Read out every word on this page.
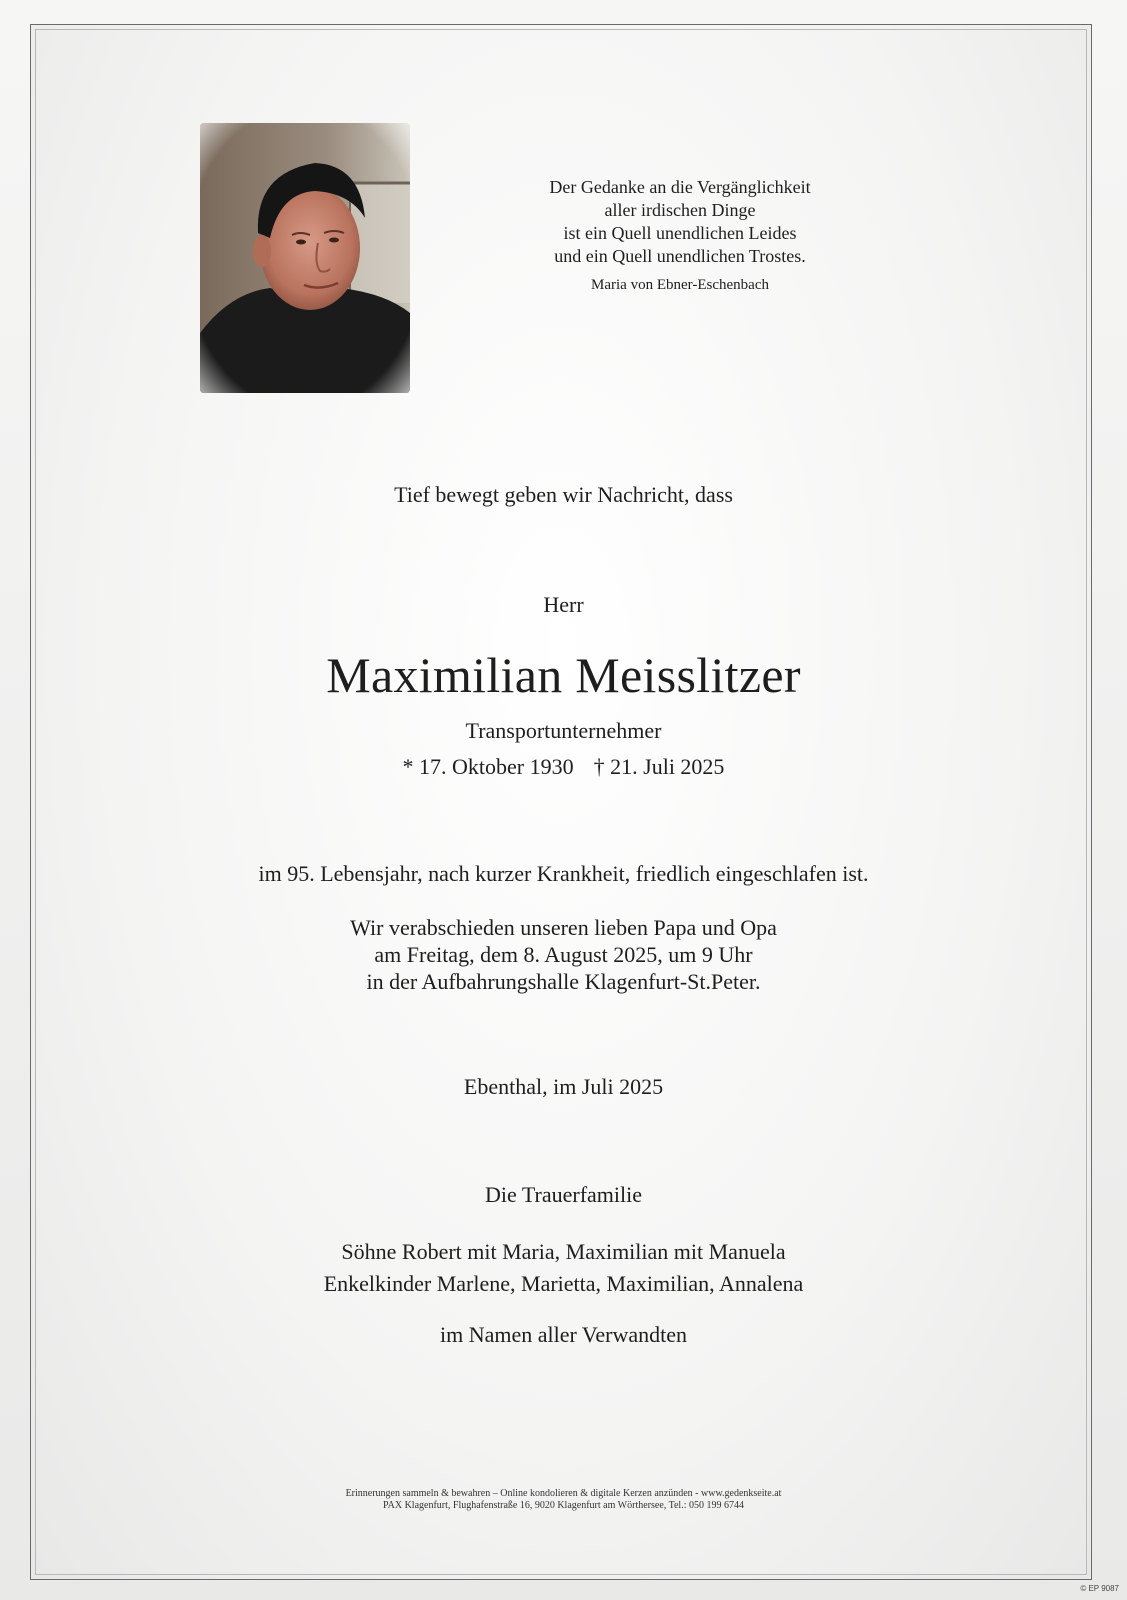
Der Gedanke an die Vergänglichkeit
aller irdischen Dinge
ist ein Quell unendlichen Leides
und ein Quell unendlichen Trostes.
Maria von Ebner-Eschenbach
Tief bewegt geben wir Nachricht, dass
Herr
Maximilian Meisslitzer
Transportunternehmer
* 17. Oktober 1930 † 21. Juli 2025
im 95. Lebensjahr, nach kurzer Krankheit, friedlich eingeschlafen ist.
Wir verabschieden unseren lieben Papa und Opa
am Freitag, dem 8. August 2025, um 9 Uhr
in der Aufbahrungshalle Klagenfurt-St.Peter.
Ebenthal, im Juli 2025
Die Trauerfamilie
Söhne Robert mit Maria, Maximilian mit Manuela
Enkelkinder Marlene, Marietta, Maximilian, Annalena
im Namen aller Verwandten
Erinnerungen sammeln & bewahren – Online kondolieren & digitale Kerzen anzünden - www.gedenkseite.at
PAX Klagenfurt, Flughafenstraße 16, 9020 Klagenfurt am Wörthersee, Tel.: 050 199 6744
© EP 9087
